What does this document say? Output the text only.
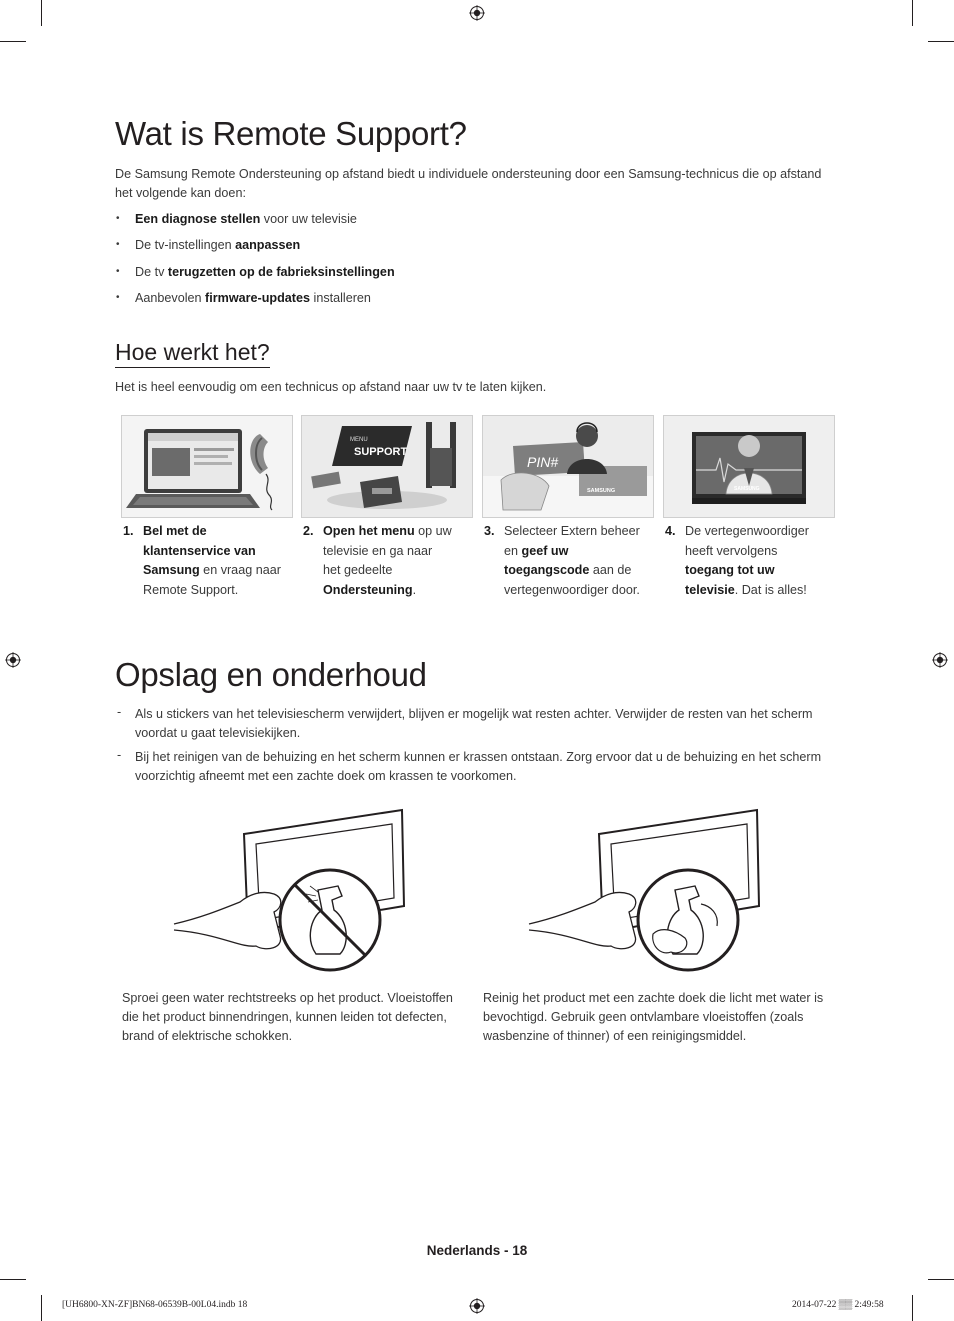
Wat is Remote Support?
De Samsung Remote Ondersteuning op afstand biedt u individuele ondersteuning door een Samsung-technicus die op afstand het volgende kan doen:
• Een diagnose stellen voor uw televisie
• De tv-instellingen aanpassen
• De tv terugzetten op de fabrieksinstellingen
• Aanbevolen firmware-updates installeren
Hoe werkt het?
Het is heel eenvoudig om een technicus op afstand naar uw tv te laten kijken.
MENU
SUPPORT
PIN#
SAMSUNG	SAMSUNG
1. Bel met de klantenservice van Samsung en vraag naar Remote Support.
2. Open het menu op uw televisie en ga naar het gedeelte Ondersteuning.
3. Selecteer Extern beheer en geef uw toegangscode aan de vertegenwoordiger door.
4. De vertegenwoordiger heeft vervolgens toegang tot uw televisie. Dat is alles!
Opslag en onderhoud
- Als u stickers van het televisiescherm verwijdert, blijven er mogelijk wat resten achter. Verwijder de resten van het scherm voordat u gaat televisiekijken.
- Bij het reinigen van de behuizing en het scherm kunnen er krassen ontstaan. Zorg ervoor dat u de behuizing en het scherm voorzichtig afneemt met een zachte doek om krassen te voorkomen.
Sproei geen water rechtstreeks op het product. Vloeistoffen die het product binnendringen, kunnen leiden tot defecten, brand of elektrische schokken.
Reinig het product met een zachte doek die licht met water is bevochtigd. Gebruik geen ontvlambare vloeistoffen (zoals wasbenzine of thinner) of een reinigingsmiddel.
Nederlands - 18
[UH6800-XN-ZF]BN68-06539B-00L04.indb 18	2014-07-22 ▒▒ 2:49:58
